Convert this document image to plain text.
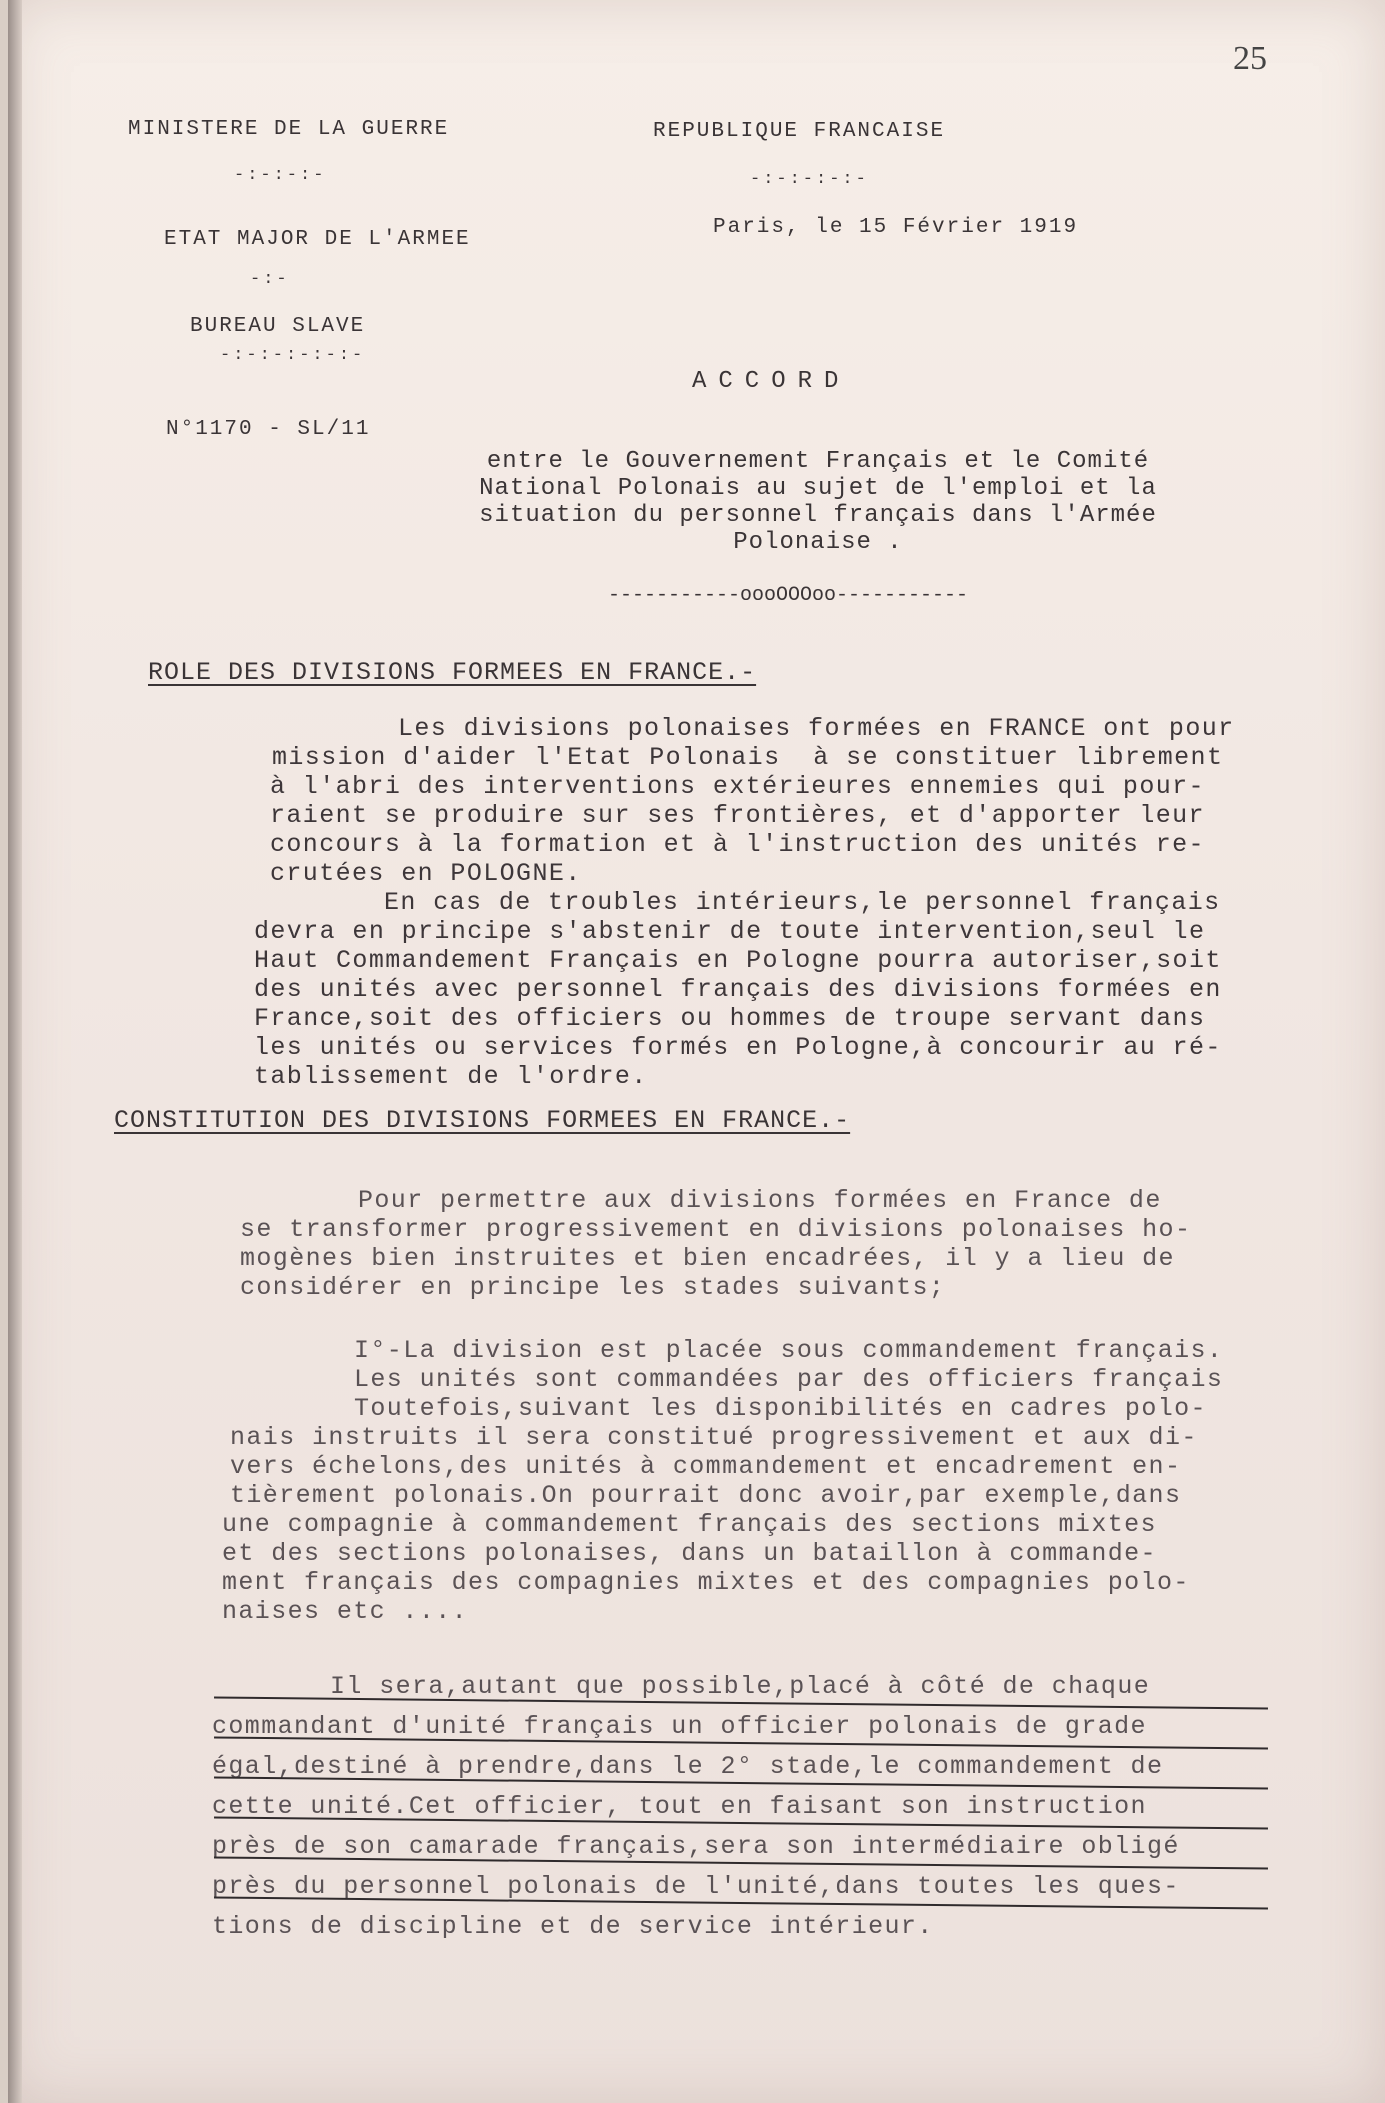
25
MINISTERE DE LA GUERRE
-:-:-:-
ETAT MAJOR DE L'ARMEE
-:-
BUREAU SLAVE
-:-:-:-:-:-
N°1170 - SL/11
REPUBLIQUE FRANCAISE
-:-:-:-:-
Paris, le 15 Février 1919
ACCORD
entre le Gouvernement Français et le Comité National Polonais au sujet de l'emploi et la situation du personnel français dans l'Armée Polonaise .
-----------oooOOOoo-----------
ROLE DES DIVISIONS FORMEES EN FRANCE.-
Les divisions polonaises formées en FRANCE ont pour
mission d'aider l'Etat Polonais  à se constituer librement
à l'abri des interventions extérieures ennemies qui pour-
raient se produire sur ses frontières, et d'apporter leur
concours à la formation et à l'instruction des unités re-
crutées en POLOGNE.
En cas de troubles intérieurs,le personnel français
devra en principe s'abstenir de toute intervention,seul le
Haut Commandement Français en Pologne pourra autoriser,soit
des unités avec personnel français des divisions formées en
France,soit des officiers ou hommes de troupe servant dans
les unités ou services formés en Pologne,à concourir au ré-
tablissement de l'ordre.
CONSTITUTION DES DIVISIONS FORMEES EN FRANCE.-
Pour permettre aux divisions formées en France de
se transformer progressivement en divisions polonaises ho-
mogènes bien instruites et bien encadrées, il y a lieu de
considérer en principe les stades suivants;
I°-La division est placée sous commandement français.
Les unités sont commandées par des officiers français
Toutefois,suivant les disponibilités en cadres polo-
nais instruits il sera constitué progressivement et aux di-
vers échelons,des unités à commandement et encadrement en-
tièrement polonais.On pourrait donc avoir,par exemple,dans
une compagnie à commandement français des sections mixtes
et des sections polonaises, dans un bataillon à commande-
ment français des compagnies mixtes et des compagnies polo-
naises etc ....
Il sera,autant que possible,placé à côté de chaque
commandant d'unité français un officier polonais de grade
égal,destiné à prendre,dans le 2° stade,le commandement de
cette unité.Cet officier, tout en faisant son instruction
près de son camarade français,sera son intermédiaire obligé
près du personnel polonais de l'unité,dans toutes les ques-
tions de discipline et de service intérieur.
